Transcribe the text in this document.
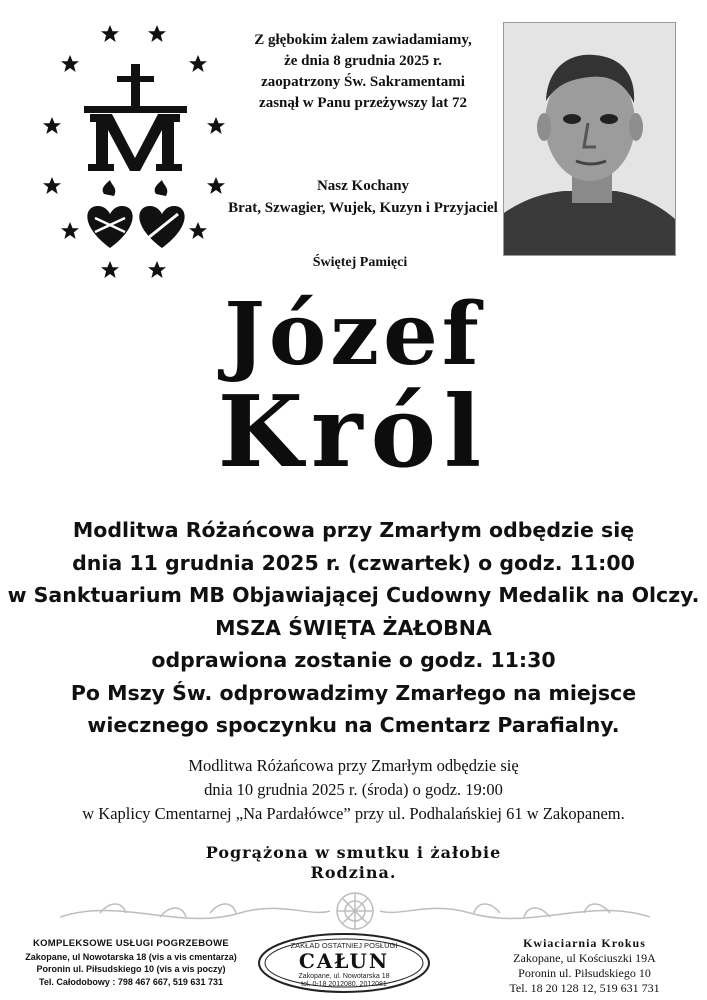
Z głębokim żalem zawiadamiamy,
że dnia 8 grudnia 2025 r.
zaopatrzony Św. Sakramentami
zasnął w Panu przeżywszy lat 72
Nasz Kochany
Brat, Szwagier, Wujek, Kuzyn i Przyjaciel
Świętej Pamięci
Józef
Król
Modlitwa Różańcowa przy Zmarłym odbędzie się
dnia 11 grudnia 2025 r. (czwartek) o godz. 11:00
w Sanktuarium MB Objawiającej Cudowny Medalik na Olczy.
MSZA ŚWIĘTA ŻAŁOBNA
odprawiona zostanie o godz. 11:30
Po Mszy Św. odprowadzimy Zmarłego na miejsce
wiecznego spoczynku na Cmentarz Parafialny.
Modlitwa Różańcowa przy Zmarłym odbędzie się
dnia 10 grudnia 2025 r. (środa) o godz. 19:00
w Kaplicy Cmentarnej „Na Pardałówce” przy ul. Podhalańskiej 61 w Zakopanem.
Pogrążona w smutku i żałobie
Rodzina.
KOMPLEKSOWE USŁUGI POGRZEBOWE
Zakopane, ul Nowotarska 18 (vis a vis cmentarza)
Poronin ul. Piłsudskiego 10 (vis a vis poczy)
Tel. Całodobowy : 798 467 667, 519 631 731
ZAKŁAD OSTATNIEJ POSŁUGI
CAŁUN
Zakopane, ul. Nowotarska 18
tel. 0-18 2012080, 2012081
Kwiaciarnia Krokus
Zakopane, ul Kościuszki 19A
Poronin ul. Piłsudskiego 10
Tel. 18 20 128 12, 519 631 731
